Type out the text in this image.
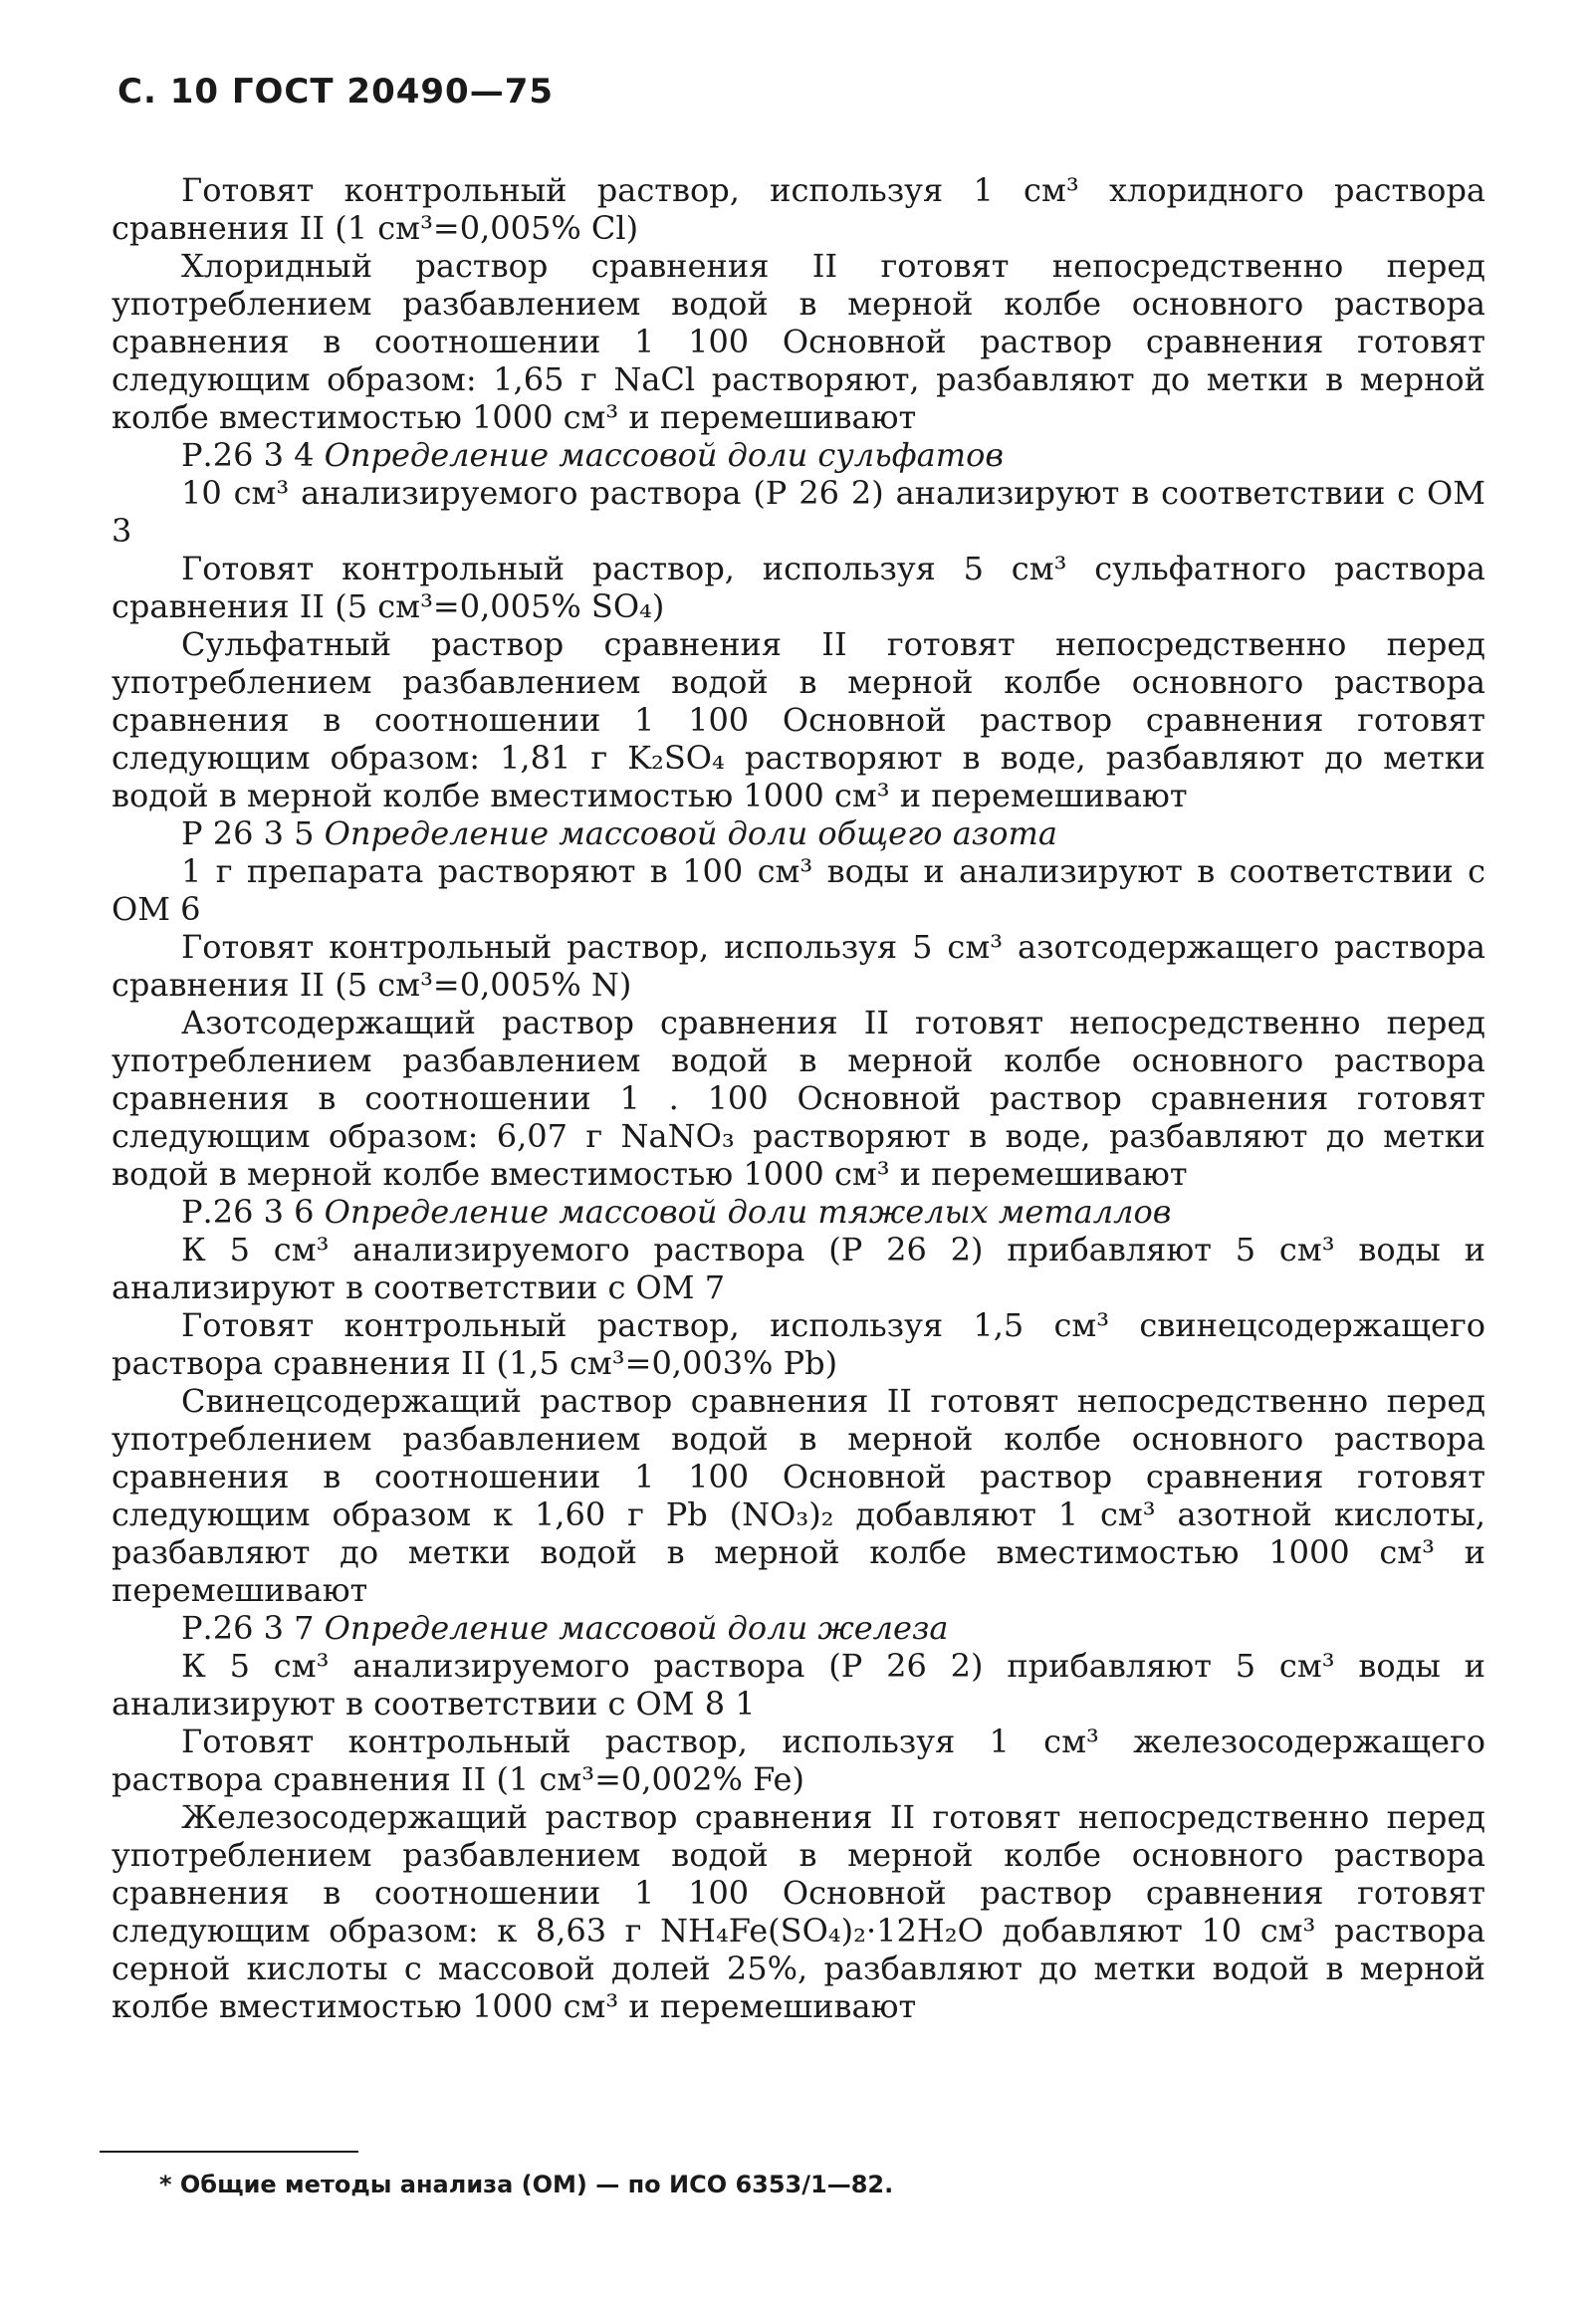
С. 10 ГОСТ 20490—75

Готовят контрольный раствор, используя 1 см³ хлоридного раствора сравнения II (1 см³=0,005% Cl)

Хлоридный раствор сравнения II готовят непосредственно перед употреблением разбавлением водой в мерной колбе основного раствора сравнения в соотношении 1 100 Основной раствор сравнения готовят следующим образом: 1,65 г NaCl растворяют, разбавляют до метки в мерной колбе вместимостью 1000 см³ и перемешивают

Р.26 3 4 Определение массовой доли сульфатов

10 см³ анализируемого раствора (Р 26 2) анализируют в соответствии с ОМ 3

Готовят контрольный раствор, используя 5 см³ сульфатного раствора сравнения II (5 см³=0,005% SO₄)

Сульфатный раствор сравнения II готовят непосредственно перед употреблением разбавлением водой в мерной колбе основного раствора сравнения в соотношении 1 100 Основной раствор сравнения готовят следующим образом: 1,81 г K₂SO₄ растворяют в воде, разбавляют до метки водой в мерной колбе вместимостью 1000 см³ и перемешивают

Р 26 3 5 Определение массовой доли общего азота

1 г препарата растворяют в 100 см³ воды и анализируют в соответствии с ОМ 6

Готовят контрольный раствор, используя 5 см³ азотсодержащего раствора сравнения II (5 см³=0,005% N)

Азотсодержащий раствор сравнения II готовят непосредственно перед употреблением разбавлением водой в мерной колбе основного раствора сравнения в соотношении 1 . 100 Основной раствор сравнения готовят следующим образом: 6,07 г NaNO₃ растворяют в воде, разбавляют до метки водой в мерной колбе вместимостью 1000 см³ и перемешивают

Р.26 3 6 Определение массовой доли тяжелых металлов

К 5 см³ анализируемого раствора (Р 26 2) прибавляют 5 см³ воды и анализируют в соответствии с ОМ 7

Готовят контрольный раствор, используя 1,5 см³ свинецсодержащего раствора сравнения II (1,5 см³=0,003% Pb)

Свинецсодержащий раствор сравнения II готовят непосредственно перед употреблением разбавлением водой в мерной колбе основного раствора сравнения в соотношении 1 100 Основной раствор сравнения готовят следующим образом к 1,60 г Pb (NO₃)₂ добавляют 1 см³ азотной кислоты, разбавляют до метки водой в мерной колбе вместимостью 1000 см³ и перемешивают

Р.26 3 7 Определение массовой доли железа

К 5 см³ анализируемого раствора (Р 26 2) прибавляют 5 см³ воды и анализируют в соответствии с ОМ 8 1

Готовят контрольный раствор, используя 1 см³ железосодержащего раствора сравнения II (1 см³=0,002% Fe)

Железосодержащий раствор сравнения II готовят непосредственно перед употреблением разбавлением водой в мерной колбе основного раствора сравнения в соотношении 1 100 Основной раствор сравнения готовят следующим образом: к 8,63 г NH₄Fe(SO₄)₂·12H₂O добавляют 10 см³ раствора серной кислоты с массовой долей 25%, разбавляют до метки водой в мерной колбе вместимостью 1000 см³ и перемешивают

* Общие методы анализа (ОМ) — по ИСО 6353/1—82.
